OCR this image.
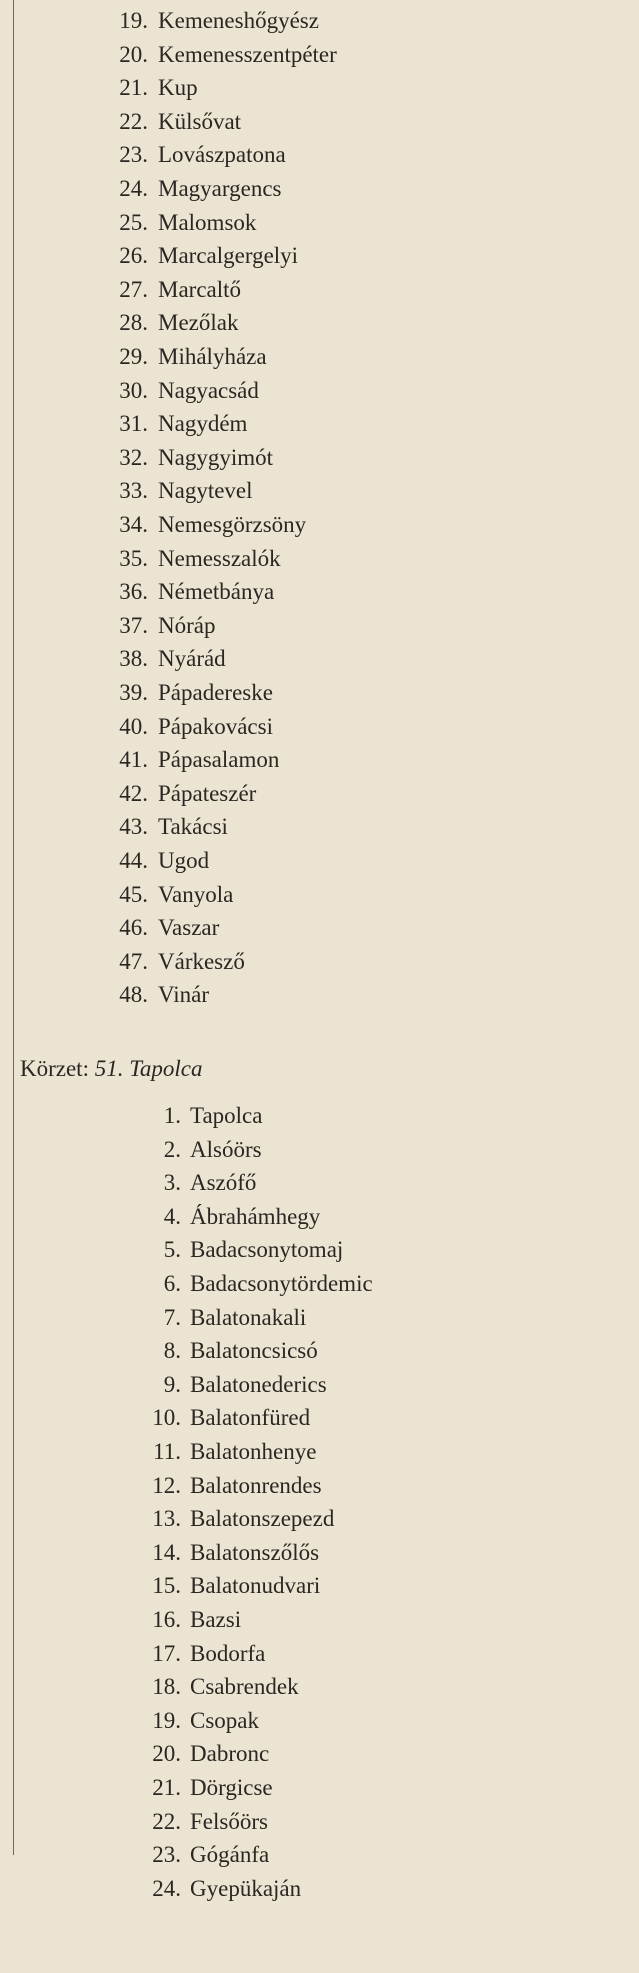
19. Kemeneshőgyész
20. Kemenesszentpéter
21. Kup
22. Külsővat
23. Lovászpatona
24. Magyargencs
25. Malomsok
26. Marcalgergelyi
27. Marcaltő
28. Mezőlak
29. Mihályháza
30. Nagyacsád
31. Nagydém
32. Nagygyimót
33. Nagytevel
34. Nemesgörzsöny
35. Nemesszalók
36. Németbánya
37. Nóráp
38. Nyárád
39. Pápadereske
40. Pápakovácsi
41. Pápasalamon
42. Pápateszér
43. Takácsi
44. Ugod
45. Vanyola
46. Vaszar
47. Várkesző
48. Vinár
Körzet: 51. Tapolca
1. Tapolca
2. Alsóörs
3. Aszófő
4. Ábrahámhegy
5. Badacsonytomaj
6. Badacsonytördemic
7. Balatonakali
8. Balatoncsicsó
9. Balatonederics
10. Balatonfüred
11. Balatonhenye
12. Balatonrendes
13. Balatonszepezd
14. Balatonszőlős
15. Balatonudvari
16. Bazsi
17. Bodorfa
18. Csabrendek
19. Csopak
20. Dabronc
21. Dörgicse
22. Felsőörs
23. Gógánfa
24. Gyepükaján
